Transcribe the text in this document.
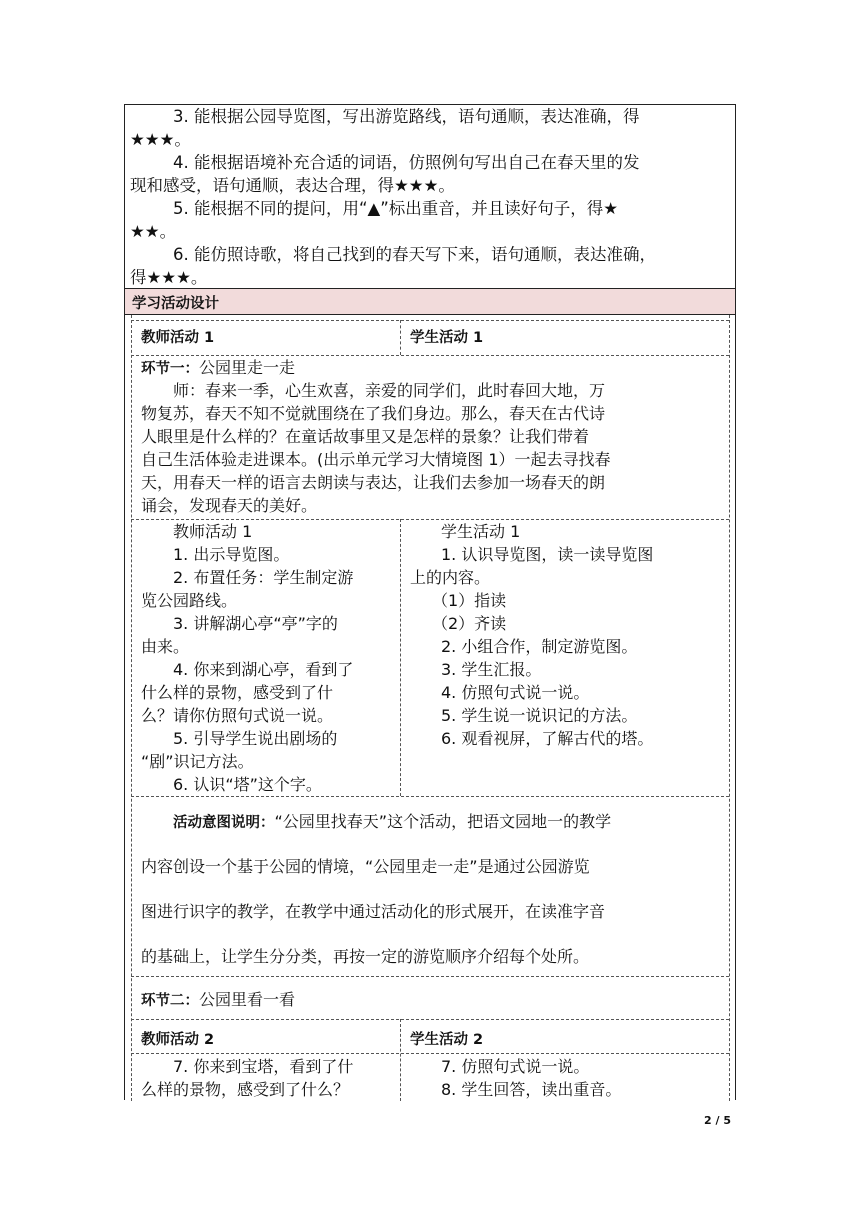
3. 能根据公园导览图，写出游览路线，语句通顺，表达准确，得
★★★。
4. 能根据语境补充合适的词语，仿照例句写出自己在春天里的发
现和感受，语句通顺，表达合理，得★★★。
5. 能根据不同的提问，用“▲”标出重音，并且读好句子，得★
★★。
6. 能仿照诗歌，将自己找到的春天写下来，语句通顺，表达准确，
得★★★。
学习活动设计
教师活动 1	学生活动 1
环节一：公园里走一走
师：春来一季，心生欢喜，亲爱的同学们，此时春回大地，万
物复苏，春天不知不觉就围绕在了我们身边。那么，春天在古代诗
人眼里是什么样的？在童话故事里又是怎样的景象？让我们带着
自己生活体验走进课本。(出示单元学习大情境图 1）一起去寻找春
天，用春天一样的语言去朗读与表达，让我们去参加一场春天的朗
诵会，发现春天的美好。
教师活动 1
1. 出示导览图。
2. 布置任务：学生制定游
览公园路线。
3. 讲解湖心亭“亭”字的
由来。
4. 你来到湖心亭，看到了
什么样的景物，感受到了什
么？请你仿照句式说一说。
5. 引导学生说出剧场的
“剧”识记方法。
6. 认识“塔”这个字。
学生活动 1
1. 认识导览图，读一读导览图
上的内容。
（1）指读
（2）齐读
2. 小组合作，制定游览图。
3. 学生汇报。
4. 仿照句式说一说。
5. 学生说一说识记的方法。
6. 观看视屏，了解古代的塔。
活动意图说明：“公园里找春天”这个活动，把语文园地一的教学
内容创设一个基于公园的情境，“公园里走一走”是通过公园游览
图进行识字的教学，在教学中通过活动化的形式展开，在读准字音
的基础上，让学生分分类，再按一定的游览顺序介绍每个处所。
环节二：公园里看一看
教师活动 2	学生活动 2
7. 你来到宝塔，看到了什
么样的景物，感受到了什么？
7. 仿照句式说一说。
8. 学生回答，读出重音。
2 / 5
